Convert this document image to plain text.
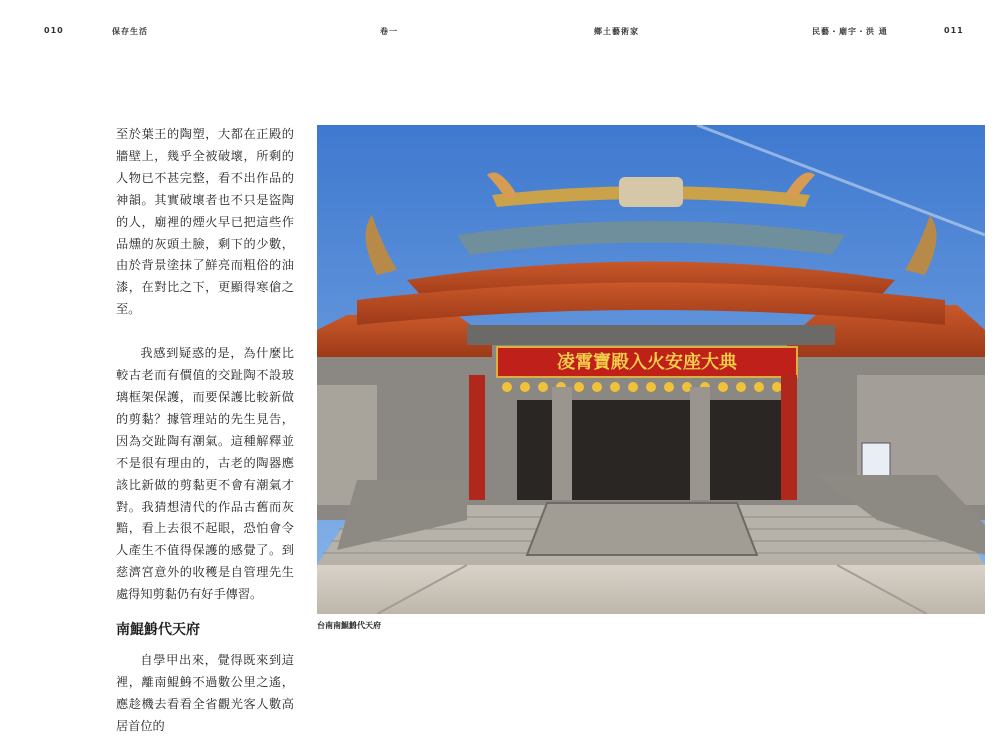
010	保存生活	卷一	鄉土藝術家	民藝・廟宇・洪 通	011

至於葉王的陶塑，大都在正殿的牆壁上，幾乎全被破壞，所剩的人物已不甚完整，看不出作品的神韻。其實破壞者也不只是盜陶的人，廟裡的煙火早已把這些作品燻的灰頭土臉，剩下的少數，由於背景塗抹了鮮亮而粗俗的油漆，在對比之下，更顯得寒傖之至。

我感到疑惑的是，為什麼比較古老而有價值的交趾陶不設玻璃框架保護，而要保護比較新做的剪黏？據管理站的先生見告，因為交趾陶有潮氣。這種解釋並不是很有理由的，古老的陶器應該比新做的剪黏更不會有潮氣才對。我猜想清代的作品古舊而灰黯，看上去很不起眼，恐怕會令人產生不值得保護的感覺了。到慈濟宮意外的收穫是自管理先生處得知剪黏仍有好手傳習。

南鯤鯓代天府

自學甲出來，覺得既來到這裡，離南鯤鯓不過數公里之遙，應趁機去看看全省觀光客人數高居首位的

凌霄寶殿入火安座大典
台南南鯤鯓代天府
